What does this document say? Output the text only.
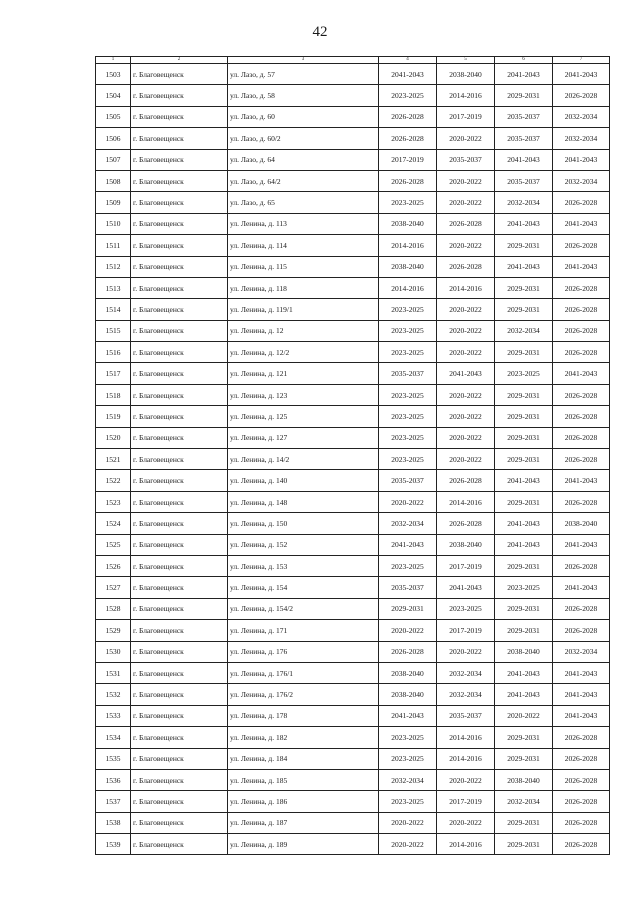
42
1	2	3	4	5	6	7
1503	г. Благовещенск	ул. Лазо, д. 57	2041-2043	2038-2040	2041-2043	2041-2043
1504	г. Благовещенск	ул. Лазо, д. 58	2023-2025	2014-2016	2029-2031	2026-2028
1505	г. Благовещенск	ул. Лазо, д. 60	2026-2028	2017-2019	2035-2037	2032-2034
1506	г. Благовещенск	ул. Лазо, д. 60/2	2026-2028	2020-2022	2035-2037	2032-2034
1507	г. Благовещенск	ул. Лазо, д. 64	2017-2019	2035-2037	2041-2043	2041-2043
1508	г. Благовещенск	ул. Лазо, д. 64/2	2026-2028	2020-2022	2035-2037	2032-2034
1509	г. Благовещенск	ул. Лазо, д. 65	2023-2025	2020-2022	2032-2034	2026-2028
1510	г. Благовещенск	ул. Ленина, д. 113	2038-2040	2026-2028	2041-2043	2041-2043
1511	г. Благовещенск	ул. Ленина, д. 114	2014-2016	2020-2022	2029-2031	2026-2028
1512	г. Благовещенск	ул. Ленина, д. 115	2038-2040	2026-2028	2041-2043	2041-2043
1513	г. Благовещенск	ул. Ленина, д. 118	2014-2016	2014-2016	2029-2031	2026-2028
1514	г. Благовещенск	ул. Ленина, д. 119/1	2023-2025	2020-2022	2029-2031	2026-2028
1515	г. Благовещенск	ул. Ленина, д. 12	2023-2025	2020-2022	2032-2034	2026-2028
1516	г. Благовещенск	ул. Ленина, д. 12/2	2023-2025	2020-2022	2029-2031	2026-2028
1517	г. Благовещенск	ул. Ленина, д. 121	2035-2037	2041-2043	2023-2025	2041-2043
1518	г. Благовещенск	ул. Ленина, д. 123	2023-2025	2020-2022	2029-2031	2026-2028
1519	г. Благовещенск	ул. Ленина, д. 125	2023-2025	2020-2022	2029-2031	2026-2028
1520	г. Благовещенск	ул. Ленина, д. 127	2023-2025	2020-2022	2029-2031	2026-2028
1521	г. Благовещенск	ул. Ленина, д. 14/2	2023-2025	2020-2022	2029-2031	2026-2028
1522	г. Благовещенск	ул. Ленина, д. 140	2035-2037	2026-2028	2041-2043	2041-2043
1523	г. Благовещенск	ул. Ленина, д. 148	2020-2022	2014-2016	2029-2031	2026-2028
1524	г. Благовещенск	ул. Ленина, д. 150	2032-2034	2026-2028	2041-2043	2038-2040
1525	г. Благовещенск	ул. Ленина, д. 152	2041-2043	2038-2040	2041-2043	2041-2043
1526	г. Благовещенск	ул. Ленина, д. 153	2023-2025	2017-2019	2029-2031	2026-2028
1527	г. Благовещенск	ул. Ленина, д. 154	2035-2037	2041-2043	2023-2025	2041-2043
1528	г. Благовещенск	ул. Ленина, д. 154/2	2029-2031	2023-2025	2029-2031	2026-2028
1529	г. Благовещенск	ул. Ленина, д. 171	2020-2022	2017-2019	2029-2031	2026-2028
1530	г. Благовещенск	ул. Ленина, д. 176	2026-2028	2020-2022	2038-2040	2032-2034
1531	г. Благовещенск	ул. Ленина, д. 176/1	2038-2040	2032-2034	2041-2043	2041-2043
1532	г. Благовещенск	ул. Ленина, д. 176/2	2038-2040	2032-2034	2041-2043	2041-2043
1533	г. Благовещенск	ул. Ленина, д. 178	2041-2043	2035-2037	2020-2022	2041-2043
1534	г. Благовещенск	ул. Ленина, д. 182	2023-2025	2014-2016	2029-2031	2026-2028
1535	г. Благовещенск	ул. Ленина, д. 184	2023-2025	2014-2016	2029-2031	2026-2028
1536	г. Благовещенск	ул. Ленина, д. 185	2032-2034	2020-2022	2038-2040	2026-2028
1537	г. Благовещенск	ул. Ленина, д. 186	2023-2025	2017-2019	2032-2034	2026-2028
1538	г. Благовещенск	ул. Ленина, д. 187	2020-2022	2020-2022	2029-2031	2026-2028
1539	г. Благовещенск	ул. Ленина, д. 189	2020-2022	2014-2016	2029-2031	2026-2028
